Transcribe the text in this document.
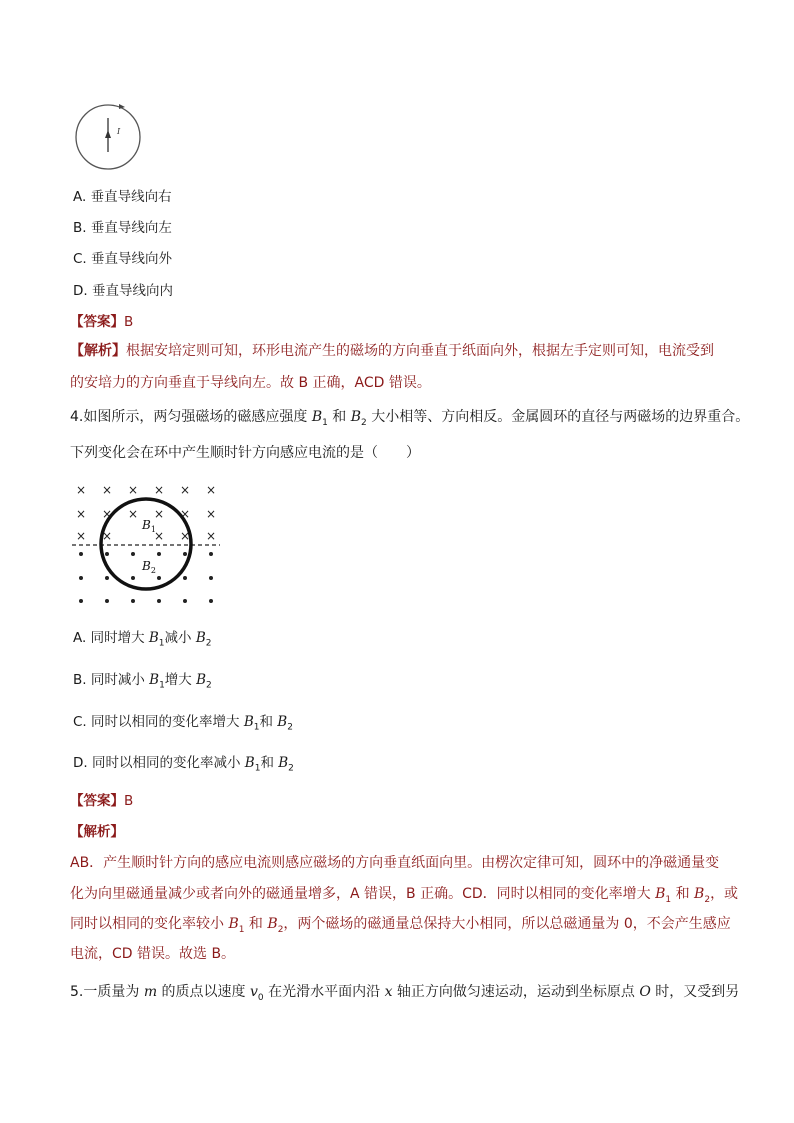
I
A. 垂直导线向右
B. 垂直导线向左
C. 垂直导线向外
D. 垂直导线向内
【答案】B
【解析】根据安培定则可知，环形电流产生的磁场的方向垂直于纸面向外，根据左手定则可知，电流受到
的安培力的方向垂直于导线向左。故 B 正确，ACD 错误。
4.如图所示，两匀强磁场的磁感应强度 $B_1$ 和 $B_2$ 大小相等、方向相反。金属圆环的直径与两磁场的边界重合。
下列变化会在环中产生顺时针方向感应电流的是（　　）
× × × × × ×
× × × × × ×
× ×	× × ×
$B_1$
$B_2$
A. 同时增大 $B_1$减小 $B_2$
B. 同时减小 $B_1$增大 $B_2$
C. 同时以相同的变化率增大 $B_1$和 $B_2$
D. 同时以相同的变化率减小 $B_1$和 $B_2$
【答案】B
【解析】
AB．产生顺时针方向的感应电流则感应磁场的方向垂直纸面向里。由楞次定律可知，圆环中的净磁通量变
化为向里磁通量减少或者向外的磁通量增多，A 错误，B 正确。CD．同时以相同的变化率增大 $B_1$ 和 $B_2$，或
同时以相同的变化率较小 $B_1$ 和 $B_2$，两个磁场的磁通量总保持大小相同，所以总磁通量为 0，不会产生感应
电流，CD 错误。故选 B。
5.一质量为 m 的质点以速度 $v_0$ 在光滑水平面内沿 x 轴正方向做匀速运动，运动到坐标原点 O 时，又受到另
